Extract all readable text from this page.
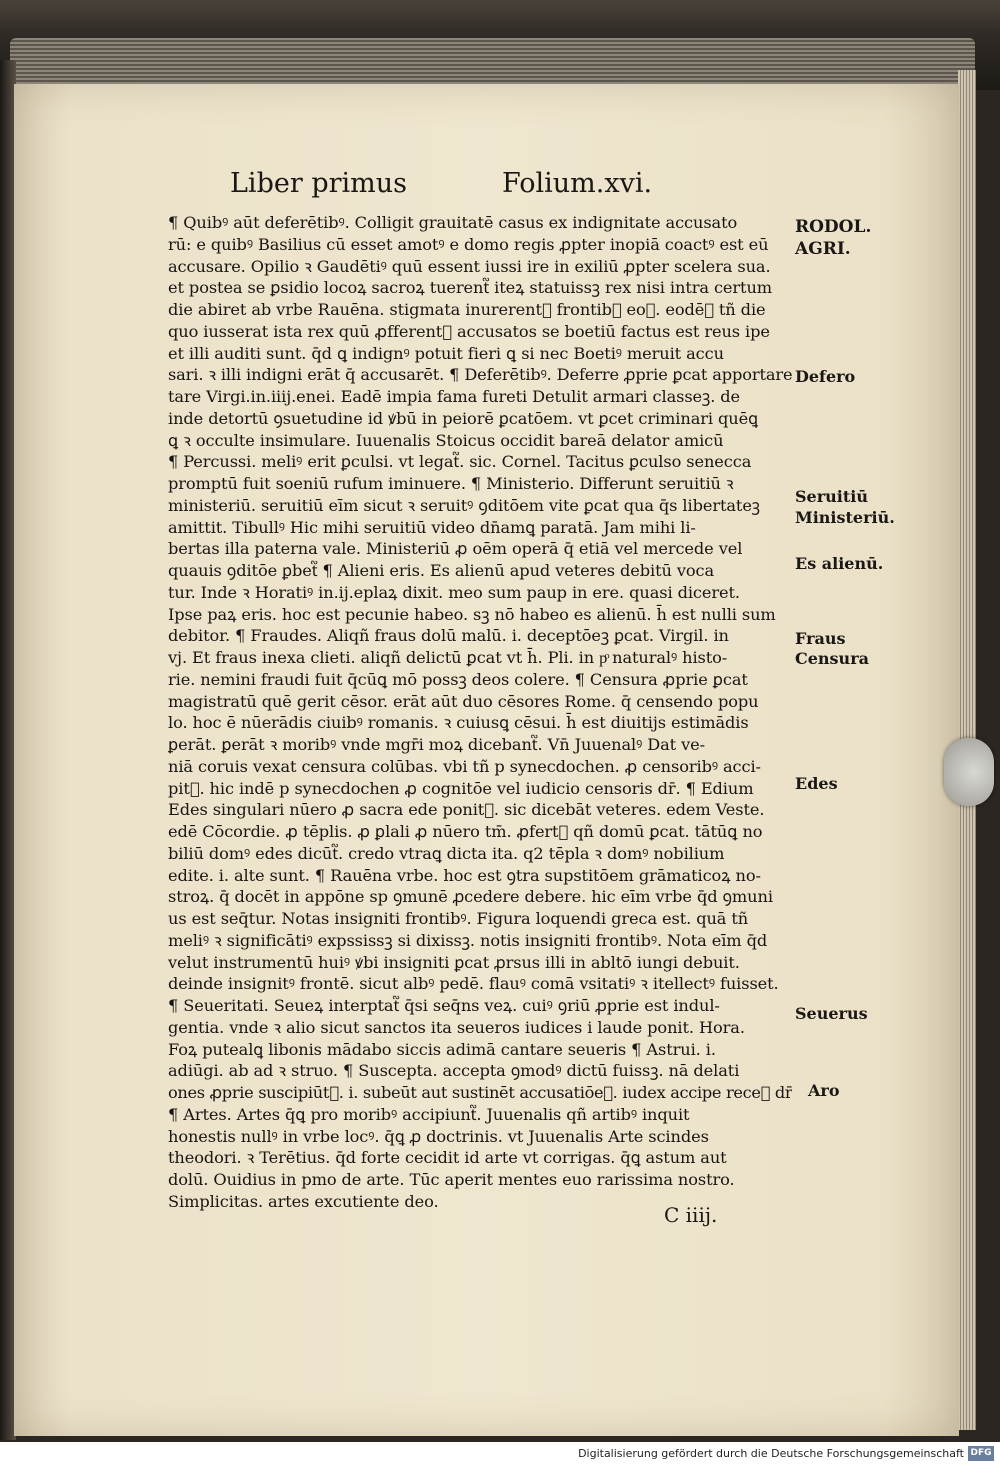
Liber primus	Folium.xvi.
¶ Quibꝰ aūt deferētibꝰ. Colligit grauitatē casus ex indignitate accusato
rū: e quibꝰ Basilius cū esset amotꝰ e domo regis ꝓpter inopiā coactꝰ est eū
accusare. Opilio ꝛ Gaudētiꝰ quū essent iussi ire in exiliū ꝓpter scelera sua.
et postea se ꝑsidio locoꝝ sacroꝝ tuerent᷑ iteꝝ statuissꝫ rex nisi intra certum
die abiret ab vrbe Rauēna. stigmata inurerent᷑ frontibꝰ eoꝝ. eodēꝫ tñ die
quo iusserat ista rex quū ꝓfferent᷑ accusatos se boetiū factus est reus ipe
et illi auditi sunt. q̄d ꝗ indignꝰ potuit fieri ꝗ si nec Boetiꝰ meruit accu
sari. ꝛ illi indigni erāt q̄ accusarēt. ¶ Deferētibꝰ. Deferre ꝓprie ꝑcat apportare
tare Virgi.in.iiij.enei. Eadē impia fama fureti Detulit armari classeꝫ. de
inde detortū ꝯsuetudine id ꝟbū in peiorē ꝑcatōem. vt ꝑcet criminari quēꝗ
ꝗ ꝛ occulte insimulare. Iuuenalis Stoicus occidit bareā delator amicū
¶ Percussi. meliꝰ erit ꝑculsi. vt legat᷑. sic. Cornel. Tacitus ꝑculso senecca
promptū fuit soeniū rufum iminuere. ¶ Ministerio. Differunt seruitiū ꝛ
ministeriū. seruitiū eīm sicut ꝛ seruitꝰ ꝯditōem vite ꝑcat qua q̄s libertateꝫ
amittit. Tibullꝰ Hic mihi seruitiū video dn̄amꝗ paratā. Jam mihi li-
bertas illa paterna vale. Ministeriū ꝓ oēm operā q̄ etiā vel mercede vel
quauis ꝯditōe ꝑbet᷑ ¶ Alieni eris. Es alienū apud veteres debitū voca
tur. Inde ꝛ Horatiꝰ in.ij.eplaꝝ dixit. meo sum paup in ere. quasi diceret.
Ipse paꝝ eris. hoc est pecunie habeo. sꝫ nō habeo es alienū. h̄ est nulli sum
debitor. ¶ Fraudes. Aliqñ fraus dolū malū. i. deceptōeꝫ ꝑcat. Virgil. in
vj. Et fraus inexa clieti. aliqñ delictū ꝑcat vt h̄. Pli. in pͦ naturalꝰ histo-
rie. nemini fraudi fuit q̄cūꝗ mō possꝫ deos colere. ¶ Censura ꝓprie ꝑcat
magistratū quē gerit cēsor. erāt aūt duo cēsores Rome. q̄ censendo popu
lo. hoc ē nūerādis ciuibꝰ romanis. ꝛ cuiusꝗ cēsui. h̄ est diuitijs estimādis
ꝑerāt. ꝑerāt ꝛ moribꝰ vnde mgr̄i moꝝ dicebant᷑. Vn̄ Juuenalꝰ Dat ve-
niā coruis vexat censura colūbas. vbi tñ p synecdochen. ꝓ censoribꝰ acci-
pit᷑. hic indē p synecdochen ꝓ cognitōe vel iudicio censoris dr̄. ¶ Edium
Edes singulari nūero ꝓ sacra ede ponit᷑. sic dicebāt veteres. edem Veste.
edē Cōcordie. ꝓ tēplis. ꝓ ꝑlali ꝓ nūero tm̄. ꝓfert᷑ qñ domū ꝑcat. tātūꝗ no
biliū domꝰ edes dicūt᷑. credo vtraꝗ dicta ita. q2 tēpla ꝛ domꝰ nobilium
edite. i. alte sunt. ¶ Rauēna vrbe. hoc est ꝯtra supstitōem grāmaticoꝝ no-
stroꝝ. q̄ docēt in appōne sp ꝯmunē ꝓcedere debere. hic eīm vrbe q̄d ꝯmuni
us est seq̄tur. Notas insigniti frontibꝰ. Figura loquendi greca est. quā tñ
meliꝰ ꝛ significātiꝰ expssissꝫ si dixissꝫ. notis insigniti frontibꝰ. Nota eīm q̄d
velut instrumentū huiꝰ ꝟbi insigniti ꝑcat ꝓrsus illi in abltō iungi debuit.
deinde insignitꝰ frontē. sicut albꝰ pedē. flauꝰ comā vsitatiꝰ ꝛ itellectꝰ fuisset.
¶ Seueritati. Seueꝝ interptat᷑ q̄si seq̄ns veꝝ. cuiꝰ ꝯriū ꝓprie est indul-
gentia. vnde ꝛ alio sicut sanctos ita seueros iudices i laude ponit. Hora.
Foꝝ putealꝗ libonis mādabo siccis adimā cantare seueris ¶ Astrui. i.
adiūgi. ab ad ꝛ struo. ¶ Suscepta. accepta ꝯmodꝰ dictū fuissꝫ. nā delati
ones ꝓprie suscipiūt᷑. i. subeūt aut sustinēt accusatiōeꝫ. iudex accipe receꝰ dr̄
¶ Artes. Artes q̄ꝗ pro moribꝰ accipiunt᷑. Juuenalis qñ artibꝰ inquit
honestis nullꝰ in vrbe locꝰ. q̄ꝗ ꝓ doctrinis. vt Juuenalis Arte scindes
theodori. ꝛ Terētius. q̄d forte cecidit id arte vt corrigas. q̄ꝗ astum aut
dolū. Ouidius in pmo de arte. Tūc aperit mentes euo rarissima nostro.
Simplicitas. artes excutiente deo.
RODOL.
AGRI.
Defero
Seruitiū
Ministeriū.
Es alienū.
Fraus
Censura
Edes
Seuerus
Aro
C iiij.
Digitalisierung gefördert durch die Deutsche Forschungsgemeinschaft DFG
